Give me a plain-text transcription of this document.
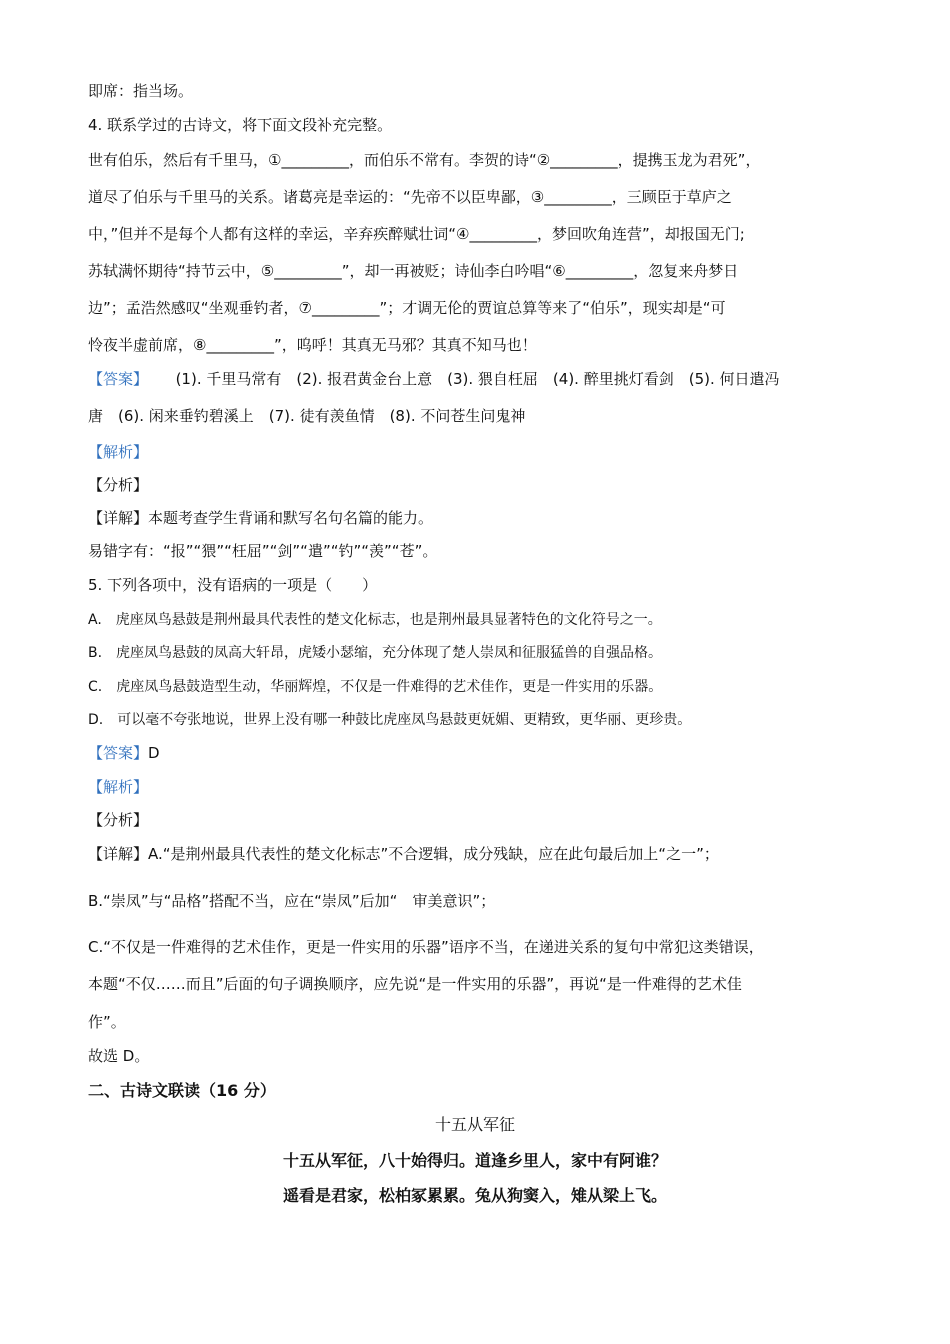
即席：指当场。
4. 联系学过的古诗文，将下面文段补充完整。
世有伯乐，然后有千里马，①_________，而伯乐不常有。李贺的诗“②_________，提携玉龙为君死”，
道尽了伯乐与千里马的关系。诸葛亮是幸运的：“先帝不以臣卑鄙，③_________，三顾臣于草庐之
中，”但并不是每个人都有这样的幸运，辛弃疾醉赋壮词“④_________，梦回吹角连营”，却报国无门;
苏轼满怀期待“持节云中，⑤_________”，却一再被贬；诗仙李白吟唱“⑥_________，忽复来舟梦日
边”；孟浩然感叹“坐观垂钓者，⑦_________”；才调无伦的贾谊总算等来了“伯乐”，现实却是“可
怜夜半虚前席，⑧_________”，呜呼！其真无马邪？其真不知马也！
【答案】 (1). 千里马常有　(2). 报君黄金台上意　(3). 猥自枉屈　(4). 醉里挑灯看剑　(5). 何日遣冯
唐　(6). 闲来垂钓碧溪上　(7). 徒有羡鱼情　(8). 不问苍生问鬼神
【解析】
【分析】
【详解】本题考查学生背诵和默写名句名篇的能力。
易错字有：“报”“猥”“枉屈”“剑”“遣”“钓”“羡”“苍”。
5. 下列各项中，没有语病的一项是（　　）
A.　虎座凤鸟悬鼓是荆州最具代表性的楚文化标志，也是荆州最具显著特色的文化符号之一。
B.　虎座凤鸟悬鼓的凤高大轩昂，虎矮小瑟缩，充分体现了楚人崇凤和征服猛兽的自强品格。
C.　虎座凤鸟悬鼓造型生动，华丽辉煌，不仅是一件难得的艺术佳作，更是一件实用的乐器。
D.　可以毫不夸张地说，世界上没有哪一种鼓比虎座凤鸟悬鼓更妩媚、更精致，更华丽、更珍贵。
【答案】D
【解析】
【分析】
【详解】A.“是荆州最具代表性的楚文化标志”不合逻辑，成分残缺，应在此句最后加上“之一”；
B.“崇凤”与“品格”搭配不当，应在“崇凤”后加“　审美意识”；
C.“不仅是一件难得的艺术佳作，更是一件实用的乐器”语序不当，在递进关系的复句中常犯这类错误，
本题“不仅……而且”后面的句子调换顺序，应先说“是一件实用的乐器”，再说“是一件难得的艺术佳
作”。
故选 D。
二、古诗文联读（16 分）
十五从军征
十五从军征，八十始得归。道逢乡里人，家中有阿谁？
遥看是君家，松柏冢累累。兔从狗窦入，雉从梁上飞。
